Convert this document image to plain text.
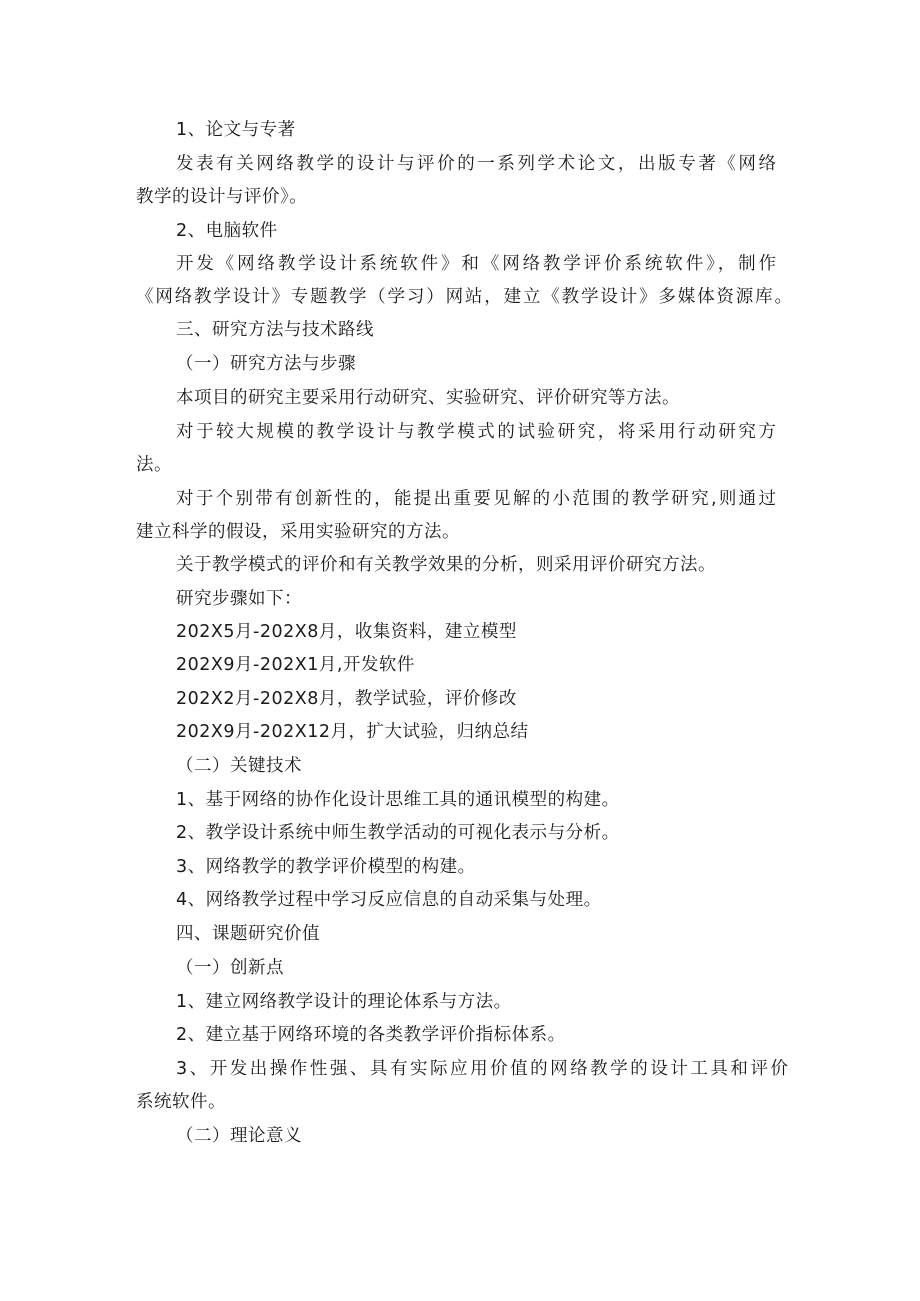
1、论文与专著

发表有关网络教学的设计与评价的一系列学术论文，出版专著《网络

教学的设计与评价》。

2、电脑软件

开发《网络教学设计系统软件》和《网络教学评价系统软件》，制作

《网络教学设计》专题教学（学习）网站，建立《教学设计》多媒体资源库。

三、研究方法与技术路线

（一）研究方法与步骤

本项目的研究主要采用行动研究、实验研究、评价研究等方法。

对于较大规模的教学设计与教学模式的试验研究，将采用行动研究方

法。

对于个别带有创新性的，能提出重要见解的小范围的教学研究,则通过

建立科学的假设，采用实验研究的方法。

关于教学模式的评价和有关教学效果的分析，则采用评价研究方法。

研究步骤如下：

202X5月-202X8月，收集资料，建立模型

202X9月-202X1月,开发软件

202X2月-202X8月，教学试验，评价修改

202X9月-202X12月，扩大试验，归纳总结

（二）关键技术

1、基于网络的协作化设计思维工具的通讯模型的构建。

2、教学设计系统中师生教学活动的可视化表示与分析。

3、网络教学的教学评价模型的构建。

4、网络教学过程中学习反应信息的自动采集与处理。

四、课题研究价值

（一）创新点

1、建立网络教学设计的理论体系与方法。

2、建立基于网络环境的各类教学评价指标体系。

3、开发出操作性强、具有实际应用价值的网络教学的设计工具和评价

系统软件。

（二）理论意义
